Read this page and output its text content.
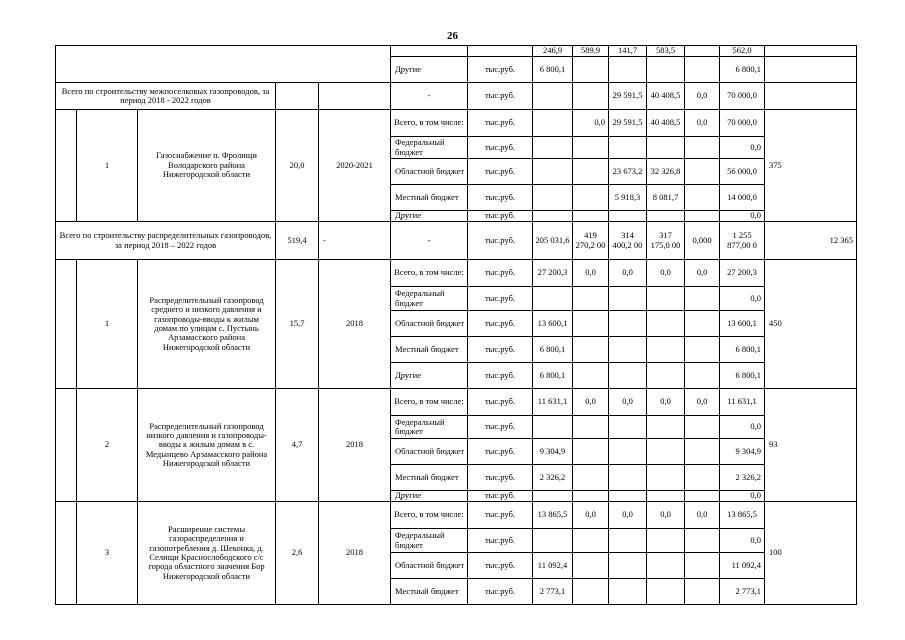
26
							246,9	589,9	141,7	583,5		562,0	
					Другие	тыс.руб.	6 800,1					6 800,1	
Всего по строительству межпоселковых газопроводов, за период 2018 - 2022 годов					-	тыс.руб.			29 591,5	40 408,5	0,0	70 000,0	
	1	Газоснабжение п. Фролищи Володарского района Нижегородской области	20,0	2020-2021	Всего, в том числе:	тыс.руб.		0,0	29 591,5	40 408,5	0,0	70 000,0	375
					Федеральный бюджет	тыс.руб.						0,0	
					Областной бюджет	тыс.руб.			23 673,2	32 326,8		56 000,0	
					Местный бюджет	тыс.руб.			5 918,3	8 081,7		14 000,0	
					Другие	тыс.руб.						0,0	
Всего по строительству распределительных газопроводов, за период 2018 – 2022 годов			519,4	-	-	тыс.руб.	205 031,6	419 270,2 00	314 400,2 00	317 175,0 00	0,000	1 255 877,00 0	12 365
	1	Распределительный газопровод среднего и низкого давления и газопроводы-вводы к жилым домам по улицам с. Пустынь Арзамасского района Нижегородской области	15,7	2018	Всего, в том числе:	тыс.руб.	27 200,3	0,0	0,0	0,0	0,0	27 200,3	450
					Федеральный бюджет	тыс.руб.						0,0	
					Областной бюджет	тыс.руб.	13 600,1					13 600,1	
					Местный бюджет	тыс.руб.	6 800,1					6 800,1	
					Другие	тыс.руб.	6 800,1					6 800,1	
	2	Распределительный газопровод низкого давления и газопроводы-вводы к жилым домам в с. Медынцево Арзамасского района Нижегородской области	4,7	2018	Всего, в том числе:	тыс.руб.	11 631,1	0,0	0,0	0,0	0,0	11 631,1	93
					Федеральный бюджет	тыс.руб.						0,0	
					Областной бюджет	тыс.руб.	9 304,9					9 304,9	
					Местный бюджет	тыс.руб.	2 326,2					2 326,2	
					Другие	тыс.руб.						0,0	
	3	Расширение системы газораспределения и газопотребления д. Шеконка, д. Селищи Краснослободского с/с города областного значения Бор Нижегородской области	2,6	2018	Всего, в том числе:	тыс.руб.	13 865,5	0,0	0,0	0,0	0,0	13 865,5	100
					Федеральный бюджет	тыс.руб.						0,0	
					Областной бюджет	тыс.руб.	11 092,4					11 092,4	
					Местный бюджет	тыс.руб.	2 773,1					2 773,1	
